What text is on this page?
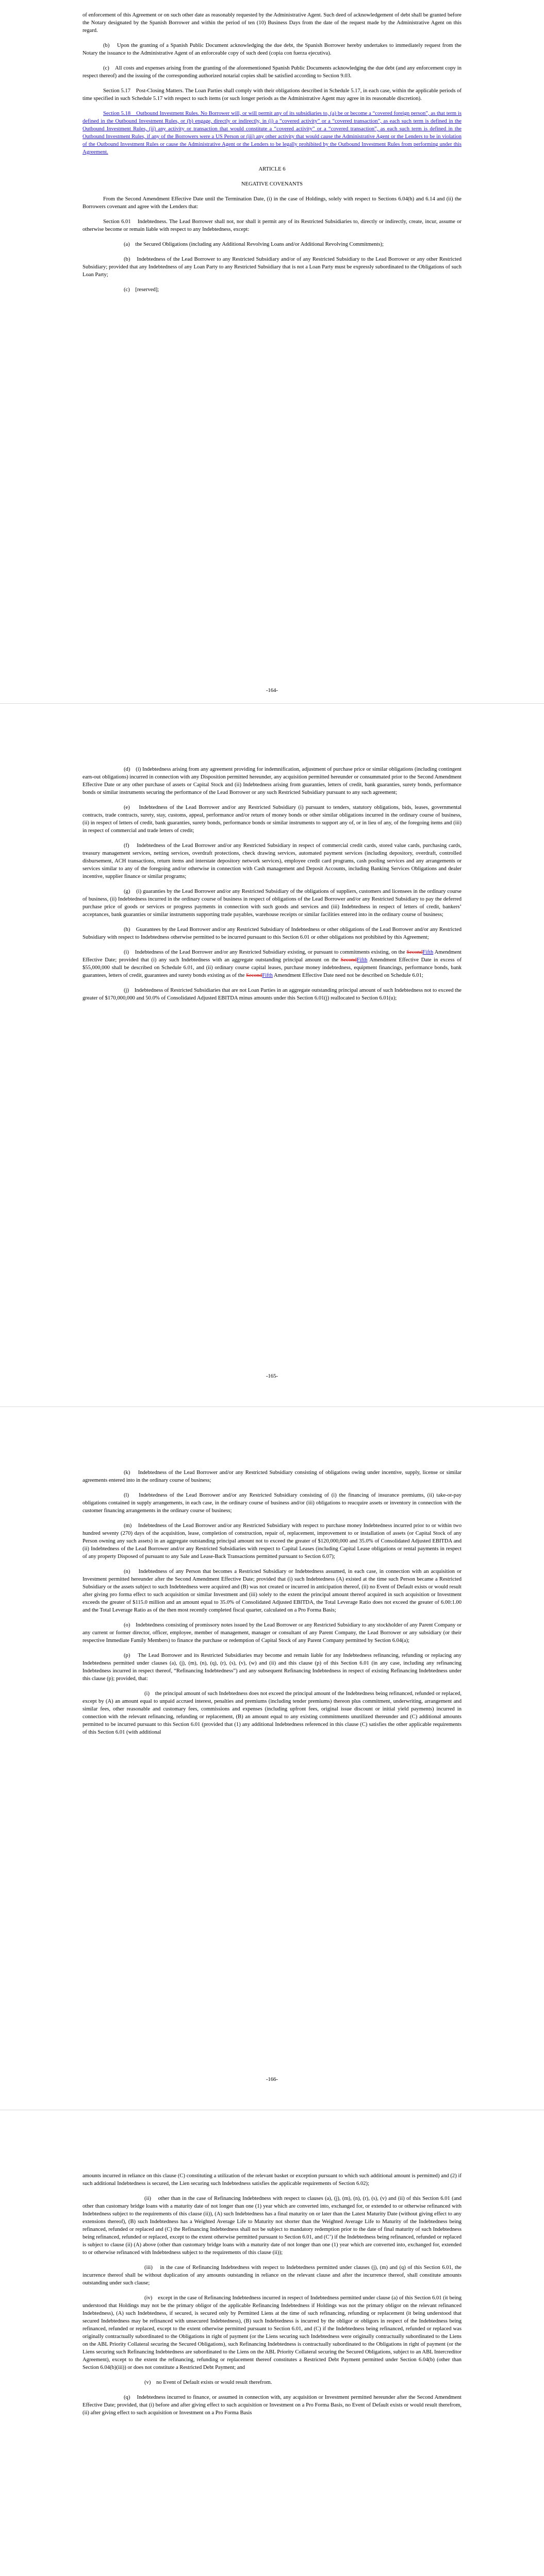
of enforcement of this Agreement or on such other date as reasonably requested by the Administrative Agent. Such deed of acknowledgement of debt shall be granted before the Notary designated by the Spanish Borrower and within the period of ten (10) Business Days from the date of the request made by the Administrative Agent on this regard.

(b)    Upon the granting of a Spanish Public Document acknowledging the due debt, the Spanish Borrower hereby undertakes to immediately request from the Notary the issuance to the Administrative Agent of an enforceable copy of such deed (copia con fuerza ejecutiva).

(c)    All costs and expenses arising from the granting of the aforementioned Spanish Public Documents acknowledging the due debt (and any enforcement copy in respect thereof) and the issuing of the corresponding authorized notarial copies shall be satisfied according to Section 9.03.

Section 5.17    Post-Closing Matters. The Loan Parties shall comply with their obligations described in Schedule 5.17, in each case, within the applicable periods of time specified in such Schedule 5.17 with respect to such items (or such longer periods as the Administrative Agent may agree in its reasonable discretion).

Section 5.18    Outbound Investment Rules. No Borrower will, or will permit any of its subsidiaries to, (a) be or become a “covered foreign person”, as that term is defined in the Outbound Investment Rules, or (b) engage, directly or indirectly, in (i) a “covered activity” or a “covered transaction”, as each such term is defined in the Outbound Investment Rules, (ii) any activity or transaction that would constitute a “covered activity” or a “covered transaction”, as each such term is defined in the Outbound Investment Rules, if any of the Borrowers were a US Person or (iii) any other activity that would cause the Administrative Agent or the Lenders to be in violation of the Outbound Investment Rules or cause the Administrative Agent or the Lenders to be legally prohibited by the Outbound Investment Rules from performing under this Agreement.

ARTICLE 6

NEGATIVE COVENANTS

From the Second Amendment Effective Date until the Termination Date, (i) in the case of Holdings, solely with respect to Sections 6.04(h) and 6.14 and (ii) the Borrowers covenant and agree with the Lenders that:

Section 6.01    Indebtedness. The Lead Borrower shall not, nor shall it permit any of its Restricted Subsidiaries to, directly or indirectly, create, incur, assume or otherwise become or remain liable with respect to any Indebtedness, except:

(a)    the Secured Obligations (including any Additional Revolving Loans and/or Additional Revolving Commitments);

(b)    Indebtedness of the Lead Borrower to any Restricted Subsidiary and/or of any Restricted Subsidiary to the Lead Borrower or any other Restricted Subsidiary; provided that any Indebtedness of any Loan Party to any Restricted Subsidiary that is not a Loan Party must be expressly subordinated to the Obligations of such Loan Party;

(c)    [reserved];

-164-

(d)    (i) Indebtedness arising from any agreement providing for indemnification, adjustment of purchase price or similar obligations (including contingent earn-out obligations) incurred in connection with any Disposition permitted hereunder, any acquisition permitted hereunder or consummated prior to the Second Amendment Effective Date or any other purchase of assets or Capital Stock and (ii) Indebtedness arising from guaranties, letters of credit, bank guaranties, surety bonds, performance bonds or similar instruments securing the performance of the Lead Borrower or any such Restricted Subsidiary pursuant to any such agreement;

(e)    Indebtedness of the Lead Borrower and/or any Restricted Subsidiary (i) pursuant to tenders, statutory obligations, bids, leases, governmental contracts, trade contracts, surety, stay, customs, appeal, performance and/or return of money bonds or other similar obligations incurred in the ordinary course of business, (ii) in respect of letters of credit, bank guaranties, surety bonds, performance bonds or similar instruments to support any of, or in lieu of any, of the foregoing items and (iii) in respect of commercial and trade letters of credit;

(f)    Indebtedness of the Lead Borrower and/or any Restricted Subsidiary in respect of commercial credit cards, stored value cards, purchasing cards, treasury management services, netting services, overdraft protections, check drawing services, automated payment services (including depository, overdraft, controlled disbursement, ACH transactions, return items and interstate depository network services), employee credit card programs, cash pooling services and any arrangements or services similar to any of the foregoing and/or otherwise in connection with Cash management and Deposit Accounts, including Banking Services Obligations and dealer incentive, supplier finance or similar programs;

(g)    (i) guaranties by the Lead Borrower and/or any Restricted Subsidiary of the obligations of suppliers, customers and licensees in the ordinary course of business, (ii) Indebtedness incurred in the ordinary course of business in respect of obligations of the Lead Borrower and/or any Restricted Subsidiary to pay the deferred purchase price of goods or services or progress payments in connection with such goods and services and (iii) Indebtedness in respect of letters of credit, bankers’ acceptances, bank guaranties or similar instruments supporting trade payables, warehouse receipts or similar facilities entered into in the ordinary course of business;

(h)    Guarantees by the Lead Borrower and/or any Restricted Subsidiary of Indebtedness or other obligations of the Lead Borrower and/or any Restricted Subsidiary with respect to Indebtedness otherwise permitted to be incurred pursuant to this Section 6.01 or other obligations not prohibited by this Agreement;

(i)    Indebtedness of the Lead Borrower and/or any Restricted Subsidiary existing, or pursuant to commitments existing, on the SecondFifth Amendment Effective Date; provided that (i) any such Indebtedness with an aggregate outstanding principal amount on the SecondFifth Amendment Effective Date in excess of $55,000,000 shall be described on Schedule 6.01, and (ii) ordinary course capital leases, purchase money indebtedness, equipment financings, performance bonds, bank guarantees, letters of credit, guarantees and surety bonds existing as of the SecondFifth Amendment Effective Date need not be described on Schedule 6.01;

(j)    Indebtedness of Restricted Subsidiaries that are not Loan Parties in an aggregate outstanding principal amount of such Indebtedness not to exceed the greater of $170,000,000 and 50.0% of Consolidated Adjusted EBITDA minus amounts under this Section 6.01(j) reallocated to Section 6.01(u);

-165-

(k)    Indebtedness of the Lead Borrower and/or any Restricted Subsidiary consisting of obligations owing under incentive, supply, license or similar agreements entered into in the ordinary course of business;

(l)    Indebtedness of the Lead Borrower and/or any Restricted Subsidiary consisting of (i) the financing of insurance premiums, (ii) take-or-pay obligations contained in supply arrangements, in each case, in the ordinary course of business and/or (iii) obligations to reacquire assets or inventory in connection with the customer financing arrangements in the ordinary course of business;

(m)    Indebtedness of the Lead Borrower and/or any Restricted Subsidiary with respect to purchase money Indebtedness incurred prior to or within two hundred seventy (270) days of the acquisition, lease, completion of construction, repair of, replacement, improvement to or installation of assets (or Capital Stock of any Person owning any such assets) in an aggregate outstanding principal amount not to exceed the greater of $120,000,000 and 35.0% of Consolidated Adjusted EBITDA and (ii) Indebtedness of the Lead Borrower and/or any Restricted Subsidiaries with respect to Capital Leases (including Capital Lease obligations or rental payments in respect of any property Disposed of pursuant to any Sale and Lease-Back Transactions permitted pursuant to Section 6.07);

(n)    Indebtedness of any Person that becomes a Restricted Subsidiary or Indebtedness assumed, in each case, in connection with an acquisition or Investment permitted hereunder after the Second Amendment Effective Date; provided that (i) such Indebtedness (A) existed at the time such Person became a Restricted Subsidiary or the assets subject to such Indebtedness were acquired and (B) was not created or incurred in anticipation thereof, (ii) no Event of Default exists or would result after giving pro forma effect to such acquisition or similar Investment and (iii) solely to the extent the principal amount thereof acquired in such acquisition or Investment exceeds the greater of $115.0 million and an amount equal to 35.0% of Consolidated Adjusted EBITDA, the Total Leverage Ratio does not exceed the greater of 6.00:1.00 and the Total Leverage Ratio as of the then most recently completed fiscal quarter, calculated on a Pro Forma Basis;

(o)    Indebtedness consisting of promissory notes issued by the Lead Borrower or any Restricted Subsidiary to any stockholder of any Parent Company or any current or former director, officer, employee, member of management, manager or consultant of any Parent Company, the Lead Borrower or any subsidiary (or their respective Immediate Family Members) to finance the purchase or redemption of Capital Stock of any Parent Company permitted by Section 6.04(a);

(p)    The Lead Borrower and its Restricted Subsidiaries may become and remain liable for any Indebtedness refinancing, refunding or replacing any Indebtedness permitted under clauses (a), (j), (m), (n), (q), (r), (s), (v), (w) and (ii) and this clause (p) of this Section 6.01 (in any case, including any refinancing Indebtedness incurred in respect thereof, “Refinancing Indebtedness”) and any subsequent Refinancing Indebtedness in respect of existing Refinancing Indebtedness under this clause (p); provided, that:

(i)    the principal amount of such Indebtedness does not exceed the principal amount of the Indebtedness being refinanced, refunded or replaced, except by (A) an amount equal to unpaid accrued interest, penalties and premiums (including tender premiums) thereon plus commitment, underwriting, arrangement and similar fees, other reasonable and customary fees, commissions and expenses (including upfront fees, original issue discount or initial yield payments) incurred in connection with the relevant refinancing, refunding or replacement, (B) an amount equal to any existing commitments unutilized thereunder and (C) additional amounts permitted to be incurred pursuant to this Section 6.01 (provided that (1) any additional Indebtedness referenced in this clause (C) satisfies the other applicable requirements of this Section 6.01 (with additional

-166-

amounts incurred in reliance on this clause (C) constituting a utilization of the relevant basket or exception pursuant to which such additional amount is permitted) and (2) if such additional Indebtedness is secured, the Lien securing such Indebtedness satisfies the applicable requirements of Section 6.02);

(ii)    other than in the case of Refinancing Indebtedness with respect to clauses (a), (j), (m), (n), (r), (s), (v) and (ii) of this Section 6.01 (and other than customary bridge loans with a maturity date of not longer than one (1) year which are converted into, exchanged for, or extended to or otherwise refinanced with Indebtedness subject to the requirements of this clause (ii)), (A) such Indebtedness has a final maturity on or later than the Latest Maturity Date (without giving effect to any extensions thereof), (B) such Indebtedness has a Weighted Average Life to Maturity not shorter than the Weighted Average Life to Maturity of the Indebtedness being refinanced, refunded or replaced and (C) the Refinancing Indebtedness shall not be subject to mandatory redemption prior to the date of final maturity of such Indebtedness being refinanced, refunded or replaced, except to the extent otherwise permitted pursuant to Section 6.01, and (C’) if the Indebtedness being refinanced, refunded or replaced is subject to clause (ii) (A) above (other than customary bridge loans with a maturity date of not longer than one (1) year which are converted into, exchanged for, extended to or otherwise refinanced with Indebtedness subject to the requirements of this clause (ii));

(iii)    in the case of Refinancing Indebtedness with respect to Indebtedness permitted under clauses (j), (m) and (q) of this Section 6.01, the incurrence thereof shall be without duplication of any amounts outstanding in reliance on the relevant clause and after the incurrence thereof, shall constitute amounts outstanding under such clause;

(iv)    except in the case of Refinancing Indebtedness incurred in respect of Indebtedness permitted under clause (a) of this Section 6.01 (it being understood that Holdings may not be the primary obligor of the applicable Refinancing Indebtedness if Holdings was not the primary obligor on the relevant refinanced Indebtedness), (A) such Indebtedness, if secured, is secured only by Permitted Liens at the time of such refinancing, refunding or replacement (it being understood that secured Indebtedness may be refinanced with unsecured Indebtedness), (B) such Indebtedness is incurred by the obligor or obligors in respect of the Indebtedness being refinanced, refunded or replaced, except to the extent otherwise permitted pursuant to Section 6.01, and (C) if the Indebtedness being refinanced, refunded or replaced was originally contractually subordinated to the Obligations in right of payment (or the Liens securing such Indebtedness were originally contractually subordinated to the Liens on the ABL Priority Collateral securing the Secured Obligations), such Refinancing Indebtedness is contractually subordinated to the Obligations in right of payment (or the Liens securing such Refinancing Indebtedness are subordinated to the Liens on the ABL Priority Collateral securing the Secured Obligations, subject to an ABL Intercreditor Agreement), except to the extent the refinancing, refunding or replacement thereof constitutes a Restricted Debt Payment permitted under Section 6.04(b) (other than Section 6.04(b)(iii)) or does not constitute a Restricted Debt Payment; and

(v)    no Event of Default exists or would result therefrom.

(q)    Indebtedness incurred to finance, or assumed in connection with, any acquisition or Investment permitted hereunder after the Second Amendment Effective Date; provided, that (i) before and after giving effect to such acquisition or Investment on a Pro Forma Basis, no Event of Default exists or would result therefrom, (ii) after giving effect to such acquisition or Investment on a Pro Forma Basis
